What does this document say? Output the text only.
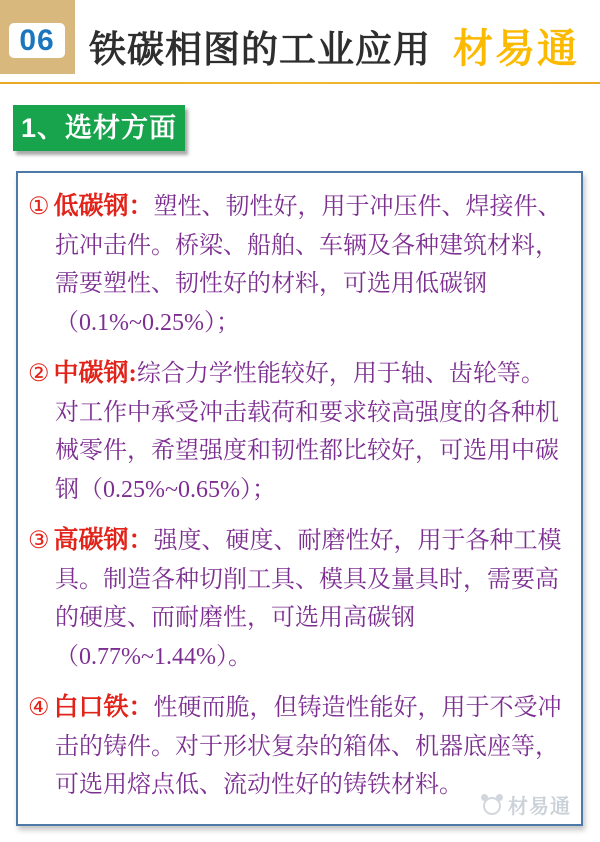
06 铁碳相图的工业应用 材易通
1、选材方面
① 低碳钢：塑性、韧性好，用于冲压件、焊接件、
抗冲击件。桥梁、船舶、车辆及各种建筑材料，
需要塑性、韧性好的材料，可选用低碳钢
（0.1%~0.25%）；
② 中碳钢:综合力学性能较好，用于轴、齿轮等。
对工作中承受冲击载荷和要求较高强度的各种机
械零件，希望强度和韧性都比较好，可选用中碳
钢（0.25%~0.65%）；
③ 高碳钢：强度、硬度、耐磨性好，用于各种工模
具。制造各种切削工具、模具及量具时，需要高
的硬度、而耐磨性，可选用高碳钢
（0.77%~1.44%）。
④ 白口铁：性硬而脆，但铸造性能好，用于不受冲
击的铸件。对于形状复杂的箱体、机器底座等，
可选用熔点低、流动性好的铸铁材料。
材易通
